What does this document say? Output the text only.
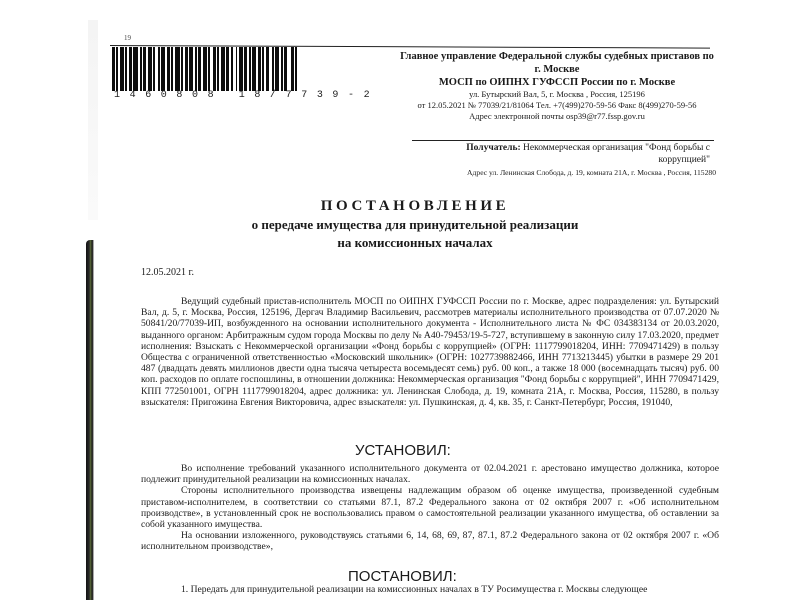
19
1460808 18/7739-2
Главное управление Федеральной службы судебных приставов по
г. Москве
МОСП по ОИПНХ ГУФССП России по г. Москве
ул. Бутырский Вал, 5, г. Москва , Россия, 125196
от 12.05.2021 № 77039/21/81064 Тел. +7(499)270-59-56 Факс 8(499)270-59-56
Адрес электронной почты osp39@r77.fssp.gov.ru
Получатель: Некоммерческая организация "Фонд борьбы с коррупцией"
Адрес ул. Ленинская Слобода, д. 19, комната 21А, г. Москва , Россия, 115280
ПОСТАНОВЛЕНИЕ
о передаче имущества для принудительной реализации
на комиссионных началах
12.05.2021 г.

Ведущий судебный пристав-исполнитель МОСП по ОИПНХ ГУФССП России по г. Москве, адрес подразделения: ул. Бутырский Вал, д. 5, г. Москва, Россия, 125196, Дергач Владимир Васильевич, рассмотрев материалы исполнительного производства от 07.07.2020 № 50841/20/77039-ИП, возбужденного на основании исполнительного документа - Исполнительного листа № ФС 034383134 от 20.03.2020, выданного органом: Арбитражным судом города Москвы по делу № А40-79453/19-5-727, вступившему в законную силу 17.03.2020, предмет исполнения: Взыскать с Некоммерческой организации «Фонд борьбы с коррупцией» (ОГРН: 1117799018204, ИНН: 7709471429) в пользу Общества с ограниченной ответственностью «Московский школьник» (ОГРН: 1027739882466, ИНН 7713213445) убытки в размере 29 201 487 (двадцать девять миллионов двести одна тысяча четыреста восемьдесят семь) руб. 00 коп., а также 18 000 (восемнадцать тысяч) руб. 00 коп. расходов по оплате госпошлины, в отношении должника: Некоммерческая организация "Фонд борьбы с коррупцией", ИНН 7709471429, КПП 772501001, ОГРН 1117799018204, адрес должника: ул. Ленинская Слобода, д. 19, комната 21А, г. Москва, Россия, 115280, в пользу взыскателя: Пригожина Евгения Викторовича, адрес взыскателя: ул. Пушкинская, д. 4, кв. 35, г. Санкт-Петербург, Россия, 191040,

УСТАНОВИЛ:

Во исполнение требований указанного исполнительного документа от 02.04.2021 г. арестовано имущество должника, которое подлежит принудительной реализации на комиссионных началах.

Стороны исполнительного производства извещены надлежащим образом об оценке имущества, произведенной судебным приставом-исполнителем, в соответствии со статьями 87.1, 87.2 Федерального закона от 02 октября 2007 г. «Об исполнительном производстве», в установленный срок не воспользовались правом о самостоятельной реализации указанного имущества, об оставлении за собой указанного имущества.

На основании изложенного, руководствуясь статьями 6, 14, 68, 69, 87, 87.1, 87.2 Федерального закона от 02 октября 2007 г. «Об исполнительном производстве»,

ПОСТАНОВИЛ:

1. Передать для принудительной реализации на комиссионных началах в ТУ Росимущества г. Москвы следующее
